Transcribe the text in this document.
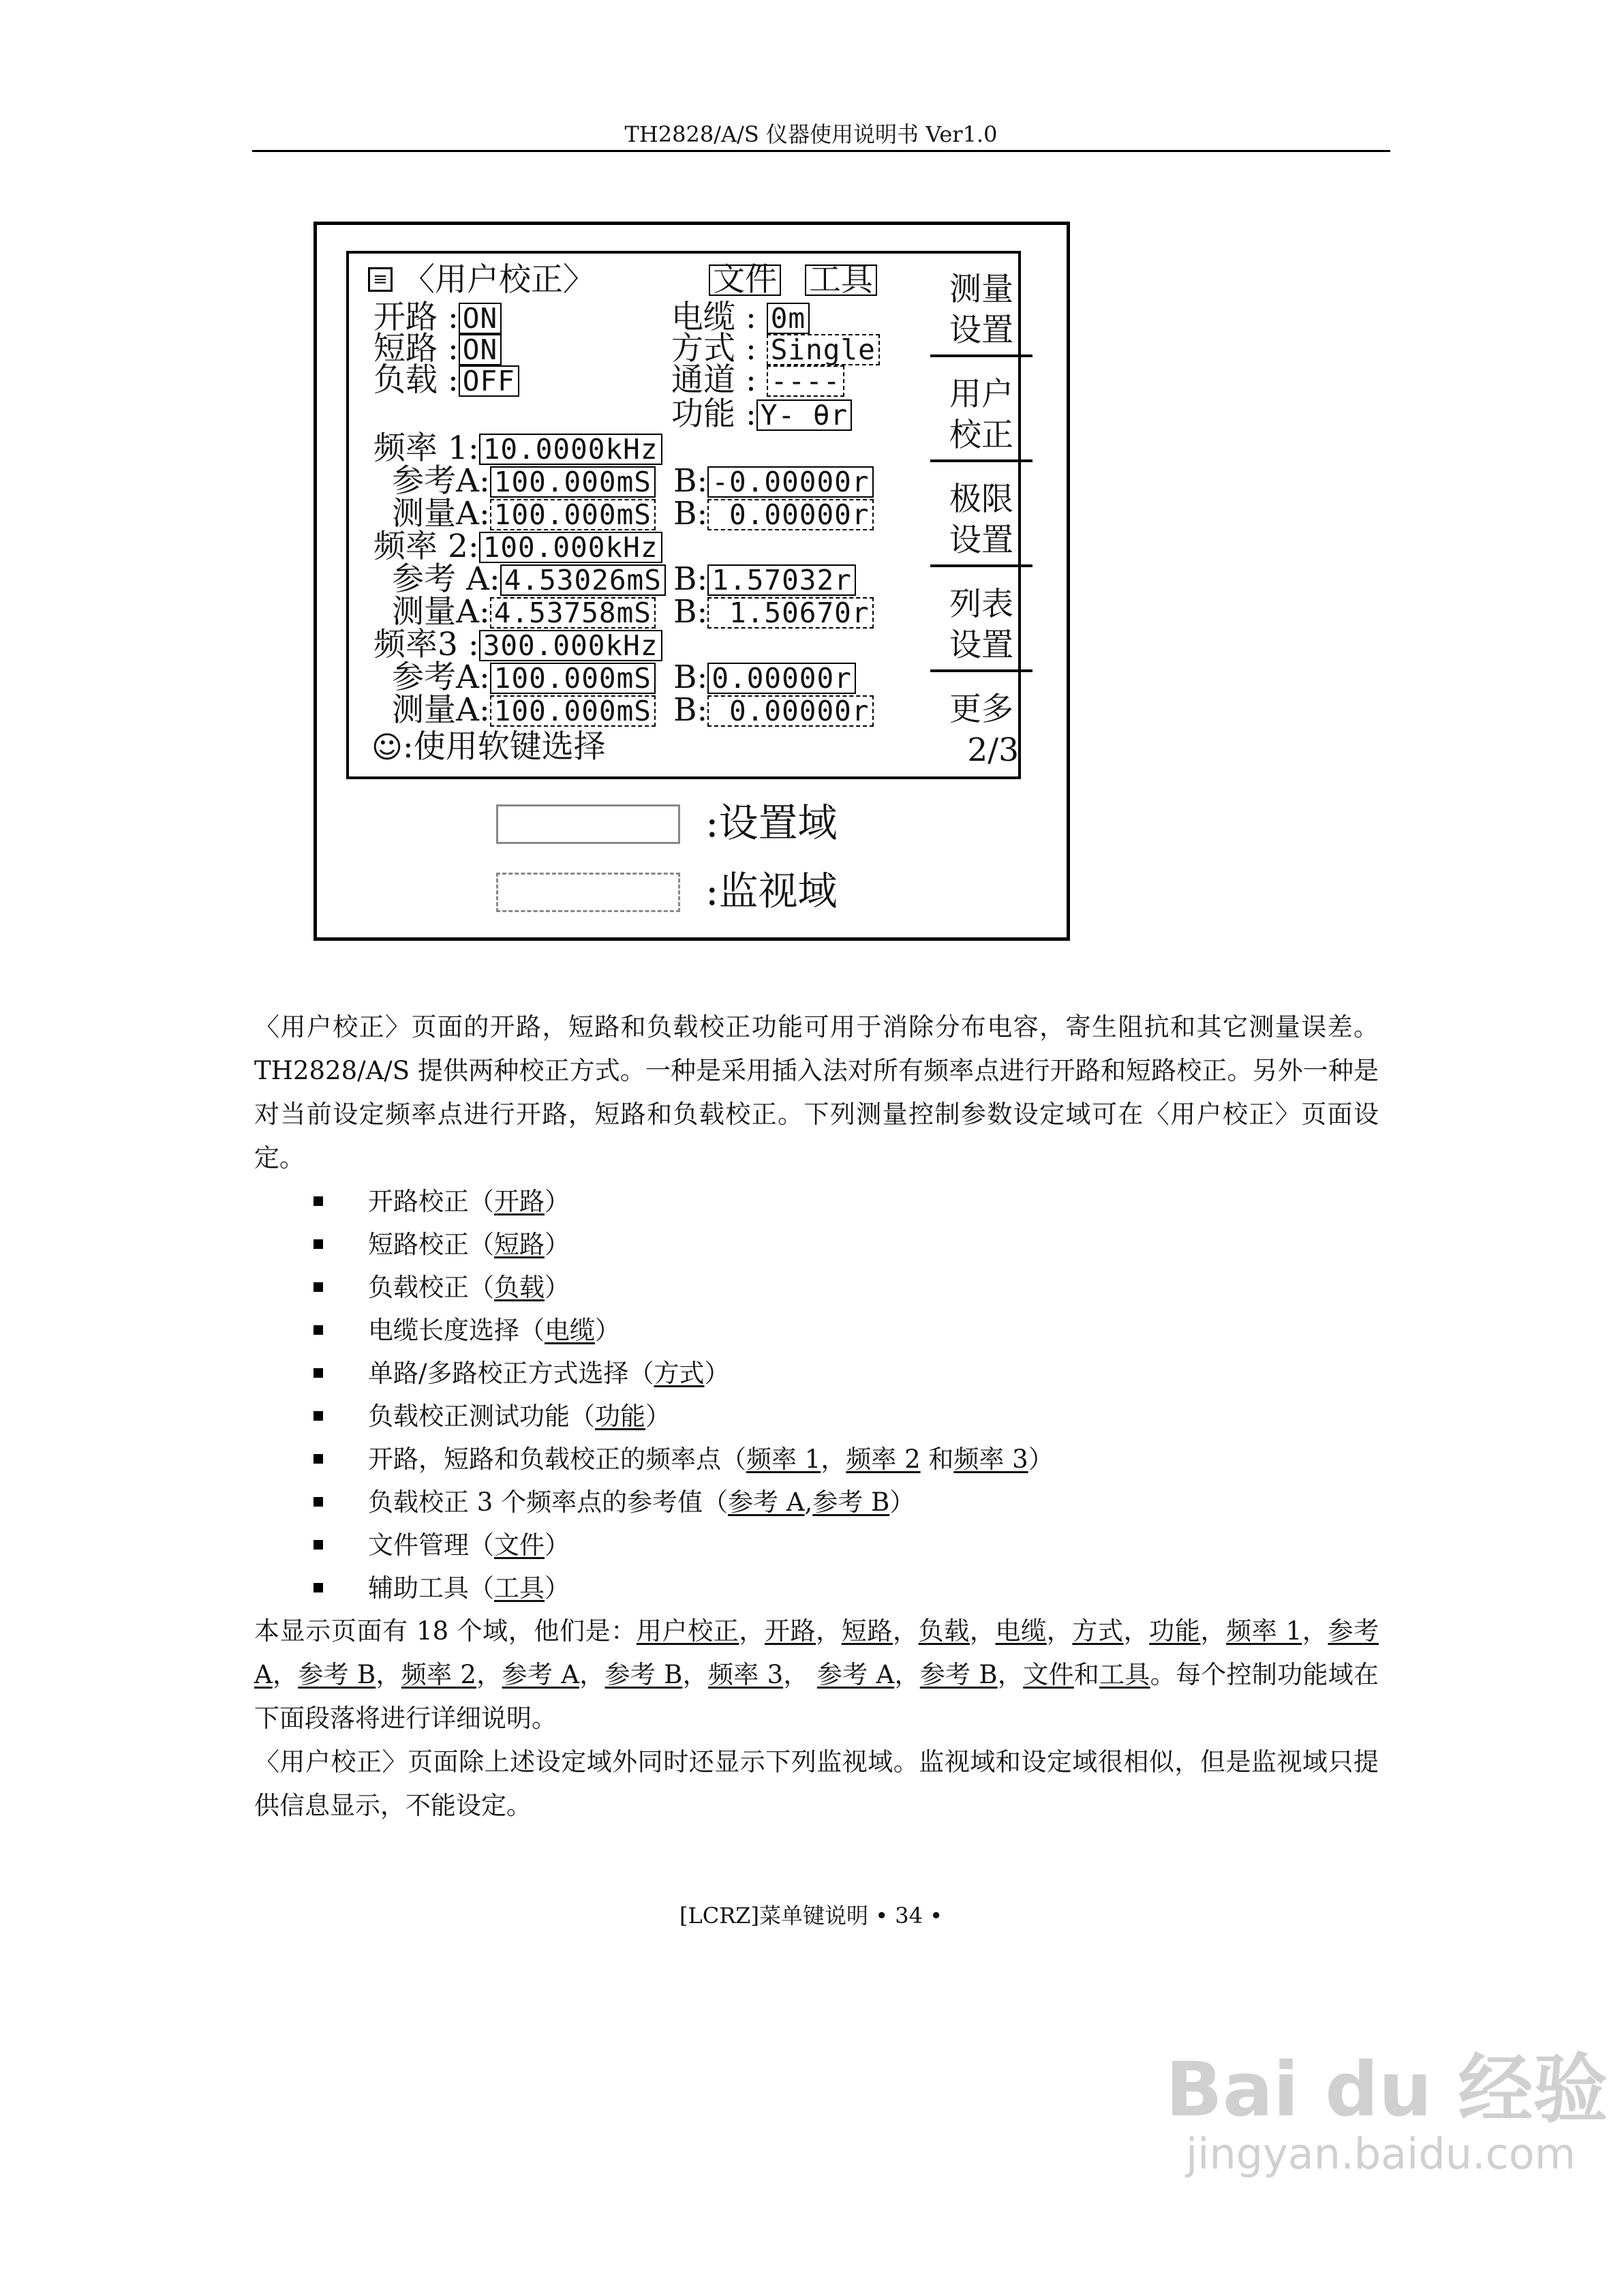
TH2828/A/S 仪器使用说明书 Ver1.0
≡ 〈用户校正〉	文件 工具
开路 : ON
短路 : ON
负载 : OFF
电缆 : 0m
方式 : Single
通道 : ----
功能 : Y- θr
频率 1: 10.0000kHz
参考A: 100.000mS B: -0.00000r
测量A: 100.000mS B: 0.00000r
频率 2: 100.000kHz
参考 A: 4.53026mS B: 1.57032r
测量A: 4.53758mS B: 1.50670r
频率3 : 300.000kHz
参考A: 100.000mS B: 0.00000r
测量A: 100.000mS B: 0.00000r
☺:使用软键选择
测量
设置
用户
校正
极限
设置
列表
设置
更多
2/3
:设置域
:监视域
〈用户校正〉页面的开路，短路和负载校正功能可用于消除分布电容，寄生阻抗和其它测量误差。TH2828/A/S 提供两种校正方式。一种是采用插入法对所有频率点进行开路和短路校正。另外一种是对当前设定频率点进行开路，短路和负载校正。下列测量控制参数设定域可在〈用户校正〉页面设定。
开路校正（开路）
短路校正（短路）
负载校正（负载）
电缆长度选择（电缆）
单路/多路校正方式选择（方式）
负载校正测试功能（功能）
开路，短路和负载校正的频率点（频率 1，频率 2 和频率 3）
负载校正 3 个频率点的参考值（参考 A,参考 B）
文件管理（文件）
辅助工具（工具）
本显示页面有 18 个域，他们是：用户校正，开路，短路，负载，电缆，方式，功能，频率 1，参考 A，参考 B，频率 2，参考 A，参考 B，频率 3， 参考 A，参考 B，文件和工具。每个控制功能域在下面段落将进行详细说明。
〈用户校正〉页面除上述设定域外同时还显示下列监视域。监视域和设定域很相似，但是监视域只提供信息显示，不能设定。
[LCRZ]菜单键说明 • 34 •
Bai du 经验
jingyan.baidu.com
